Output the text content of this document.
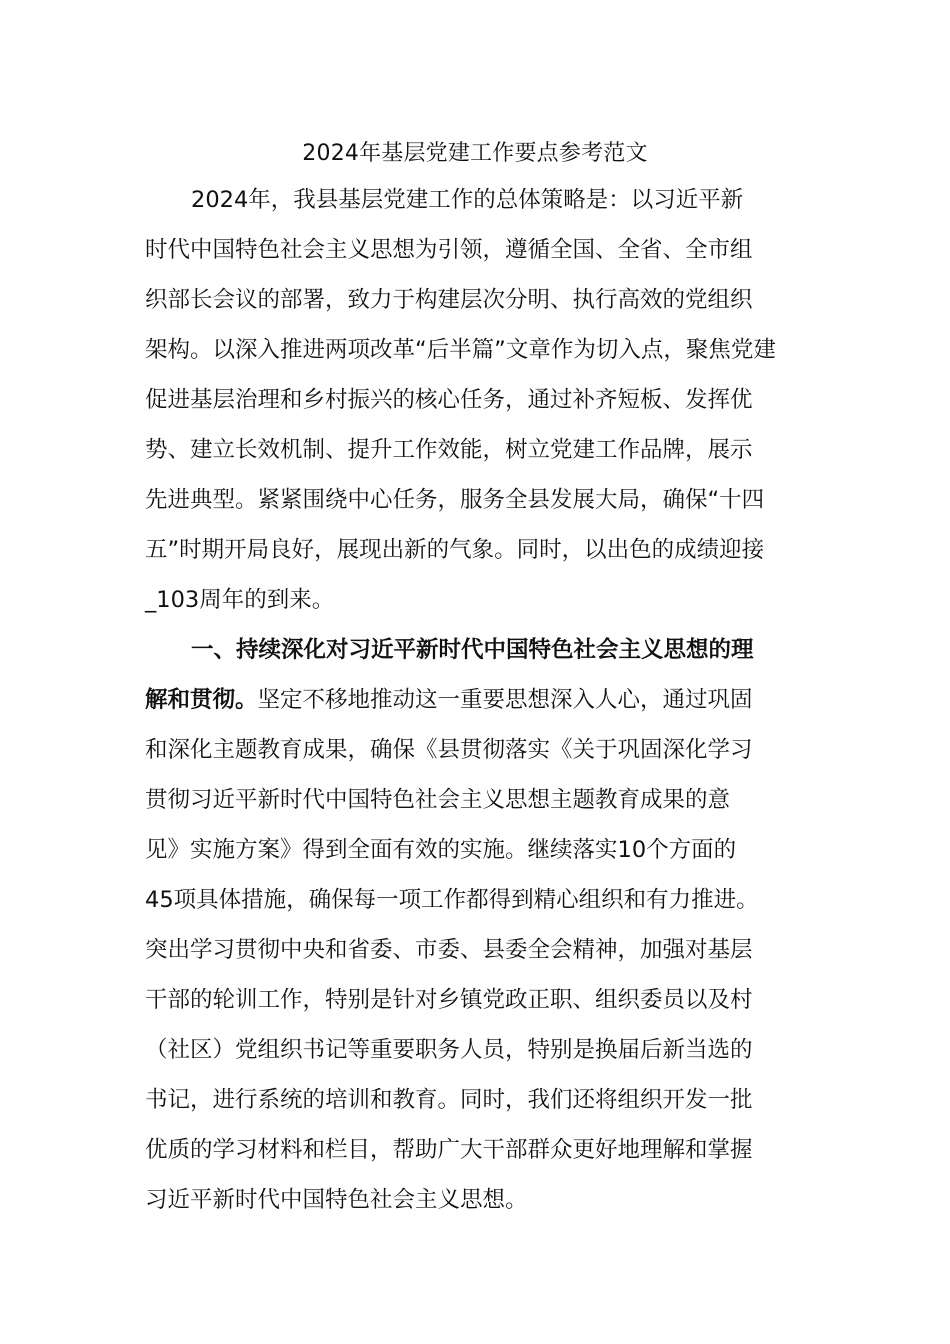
2024年基层党建工作要点参考范文
2024年，我县基层党建工作的总体策略是：以习近平新
时代中国特色社会主义思想为引领，遵循全国、全省、全市组
织部长会议的部署，致力于构建层次分明、执行高效的党组织
架构。以深入推进两项改革“后半篇”文章作为切入点，聚焦党建
促进基层治理和乡村振兴的核心任务，通过补齐短板、发挥优
势、建立长效机制、提升工作效能，树立党建工作品牌，展示
先进典型。紧紧围绕中心任务，服务全县发展大局，确保“十四
五”时期开局良好，展现出新的气象。同时，以出色的成绩迎接
_103周年的到来。
一、持续深化对习近平新时代中国特色社会主义思想的理
解和贯彻。坚定不移地推动这一重要思想深入人心，通过巩固
和深化主题教育成果，确保《县贯彻落实《关于巩固深化学习
贯彻习近平新时代中国特色社会主义思想主题教育成果的意
见》实施方案》得到全面有效的实施。继续落实10个方面的
45项具体措施，确保每一项工作都得到精心组织和有力推进。
突出学习贯彻中央和省委、市委、县委全会精神，加强对基层
干部的轮训工作，特别是针对乡镇党政正职、组织委员以及村
（社区）党组织书记等重要职务人员，特别是换届后新当选的
书记，进行系统的培训和教育。同时，我们还将组织开发一批
优质的学习材料和栏目，帮助广大干部群众更好地理解和掌握
习近平新时代中国特色社会主义思想。
